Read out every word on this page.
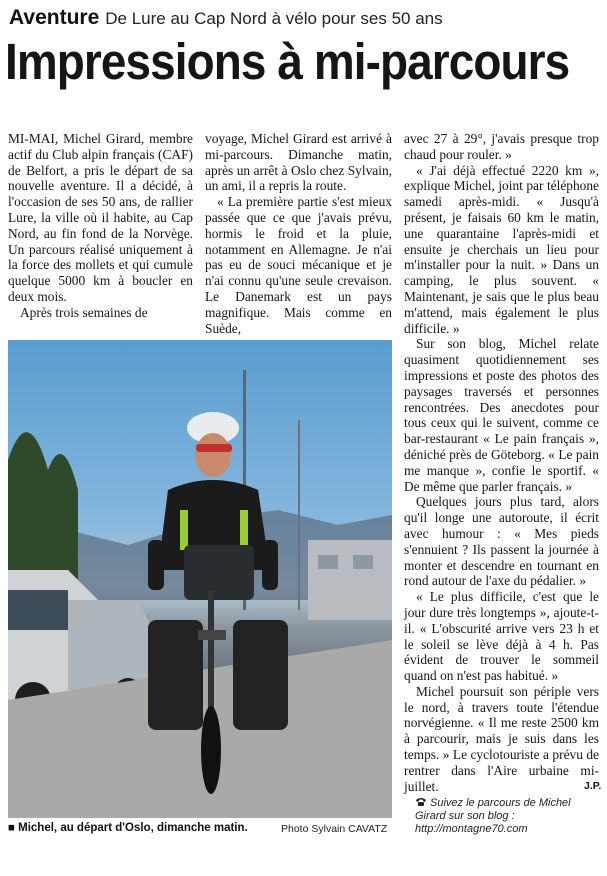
Aventure De Lure au Cap Nord à vélo pour ses 50 ans
Impressions à mi-parcours

MI-MAI, Michel Girard, membre actif du Club alpin français (CAF) de Belfort, a pris le départ de sa nouvelle aventure. Il a décidé, à l'occasion de ses 50 ans, de rallier Lure, la ville où il habite, au Cap Nord, au fin fond de la Norvège. Un parcours réalisé uniquement à la force des mollets et qui cumule quelque 5000 km à boucler en deux mois.

Après trois semaines de

voyage, Michel Girard est arrivé à mi-parcours. Dimanche matin, après un arrêt à Oslo chez Sylvain, un ami, il a repris la route.

« La première partie s'est mieux passée que ce que j'avais prévu, hormis le froid et la pluie, notamment en Allemagne. Je n'ai pas eu de souci mécanique et je n'ai connu qu'une seule crevaison. Le Danemark est un pays magnifique. Mais comme en Suède,

avec 27 à 29°, j'avais presque trop chaud pour rouler. »

« J'ai déjà effectué 2220 km », explique Michel, joint par téléphone samedi après-midi. « Jusqu'à présent, je faisais 60 km le matin, une quarantaine l'après-midi et ensuite je cherchais un lieu pour m'installer pour la nuit. » Dans un camping, le plus souvent. « Maintenant, je sais que le plus beau m'attend, mais également le plus difficile. »

Sur son blog, Michel relate quasiment quotidiennement ses impressions et poste des photos des paysages traversés et personnes rencontrées. Des anecdotes pour tous ceux qui le suivent, comme ce bar-restaurant « Le pain français », déniché près de Göteborg. « Le pain me manque », confie le sportif. « De même que parler français. »

Quelques jours plus tard, alors qu'il longe une autoroute, il écrit avec humour : « Mes pieds s'ennuient ? Ils passent la journée à monter et descendre en tournant en rond autour de l'axe du pédalier. »

« Le plus difficile, c'est que le jour dure très longtemps », ajoute-t-il. « L'obscurité arrive vers 23 h et le soleil se lève déjà à 4 h. Pas évident de trouver le sommeil quand on n'est pas habitué. »

Michel poursuit son périple vers le nord, à travers toute l'étendue norvégienne. « Il me reste 2500 km à parcourir, mais je suis dans les temps. » Le cyclotouriste a prévu de rentrer dans l'Aire urbaine mi-juillet.

■ Michel, au départ d'Oslo, dimanche matin.	Photo Sylvain CAVATZ
J.P.
Suivez le parcours de Michel Girard sur son blog :
http://montagne70.com
